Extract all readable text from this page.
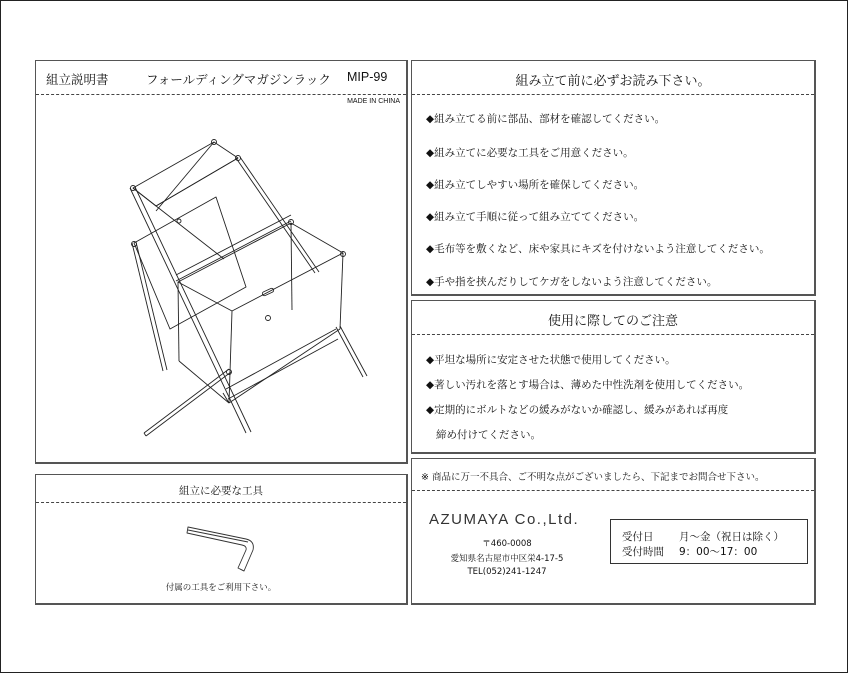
組立説明書	フォールディングマガジンラック MIP-99
MADE IN CHINA
組み立て前に必ずお読み下さい。
◆組み立てる前に部品、部材を確認してください。
◆組み立てに必要な工具をご用意ください。
◆組み立てしやすい場所を確保してください。
◆組み立て手順に従って組み立ててください。
◆毛布等を敷くなど、床や家具にキズを付けないよう注意してください。
◆手や指を挟んだりしてケガをしないよう注意してください。
使用に際してのご注意
◆平坦な場所に安定させた状態で使用してください。
◆著しい汚れを落とす場合は、薄めた中性洗剤を使用してください。
◆定期的にボルトなどの緩みがないか確認し、緩みがあれば再度
締め付けてください。
組立に必要な工具
付属の工具をご利用下さい。
※ 商品に万一不具合、ご不明な点がございましたら、下記までお問合せ下さい。
AZUMAYA Co.,Ltd.
〒460-0008
愛知県名古屋市中区栄4-17-5
TEL(052)241-1247
受付日 月～金（祝日は除く）
受付時間 9：00～17：00
